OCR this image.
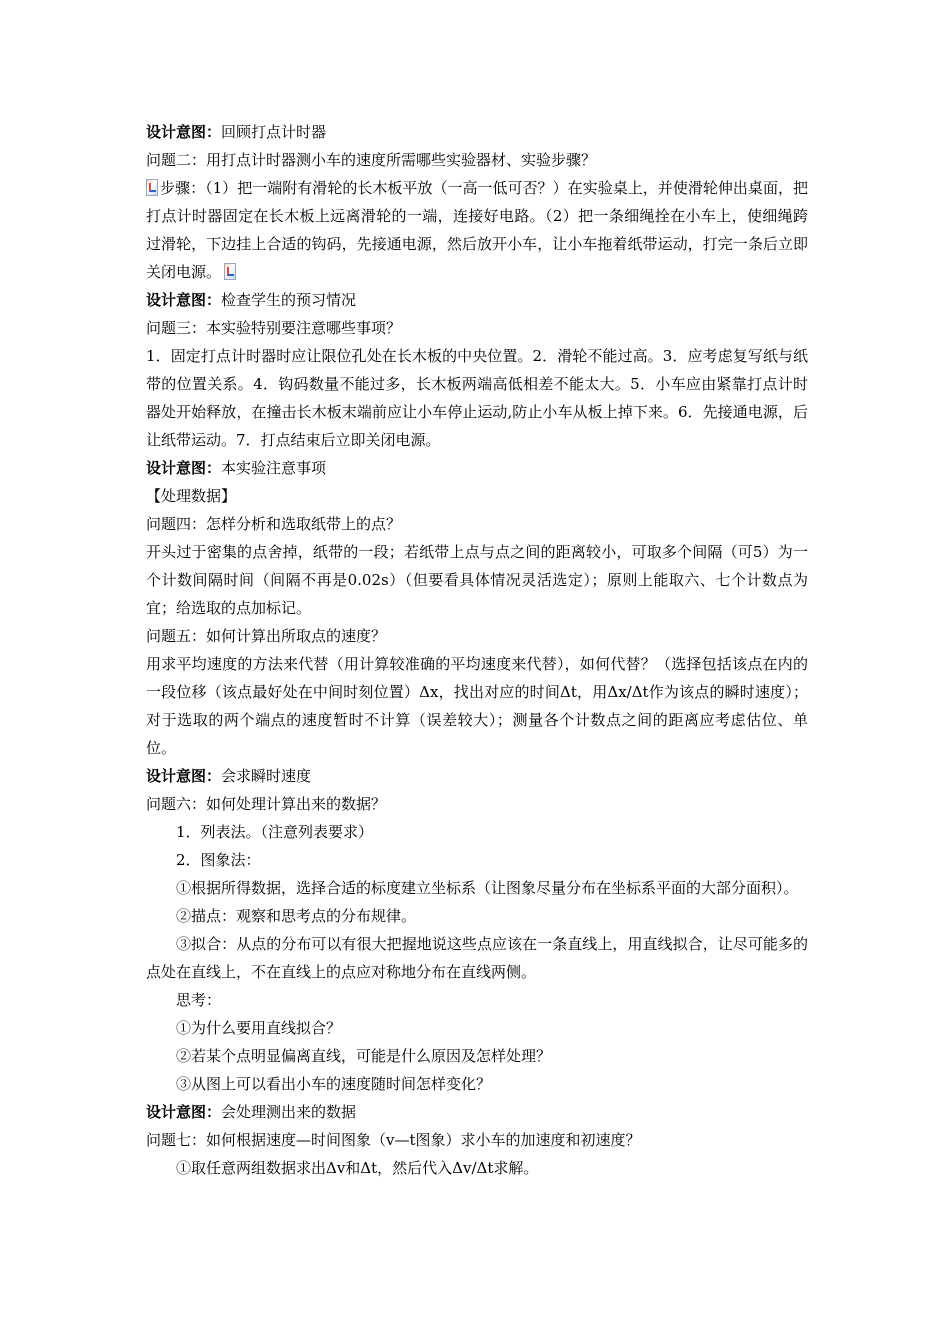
设计意图：回顾打点计时器

问题二：用打点计时器测小车的速度所需哪些实验器材、实验步骤？

步骤：（1）把一端附有滑轮的长木板平放（一高一低可否？）在实验桌上，并使滑轮伸出桌面，把打点计时器固定在长木板上远离滑轮的一端，连接好电路。（2）把一条细绳拴在小车上，使细绳跨过滑轮，下边挂上合适的钩码，先接通电源，然后放开小车，让小车拖着纸带运动，打完一条后立即关闭电源。

设计意图：检查学生的预习情况

问题三：本实验特别要注意哪些事项？

1．固定打点计时器时应让限位孔处在长木板的中央位置。2．滑轮不能过高。3．应考虑复写纸与纸带的位置关系。4．钩码数量不能过多，长木板两端高低相差不能太大。5．小车应由紧靠打点计时器处开始释放，在撞击长木板末端前应让小车停止运动,防止小车从板上掉下来。6．先接通电源，后让纸带运动。7．打点结束后立即关闭电源。

设计意图：本实验注意事项

【处理数据】

问题四：怎样分析和选取纸带上的点？

开头过于密集的点舍掉，纸带的一段；若纸带上点与点之间的距离较小，可取多个间隔（可5）为一个计数间隔时间（间隔不再是0.02s）（但要看具体情况灵活选定）；原则上能取六、七个计数点为宜；给选取的点加标记。

问题五：如何计算出所取点的速度？

用求平均速度的方法来代替（用计算较准确的平均速度来代替），如何代替？（选择包括该点在内的一段位移（该点最好处在中间时刻位置）Δx，找出对应的时间Δt，用Δx/Δt作为该点的瞬时速度）；对于选取的两个端点的速度暂时不计算（误差较大）；测量各个计数点之间的距离应考虑估位、单位。

设计意图：会求瞬时速度

问题六：如何处理计算出来的数据？

1．列表法。（注意列表要求）

2．图象法：

①根据所得数据，选择合适的标度建立坐标系（让图象尽量分布在坐标系平面的大部分面积）。

②描点：观察和思考点的分布规律。

③拟合：从点的分布可以有很大把握地说这些点应该在一条直线上，用直线拟合，让尽可能多的点处在直线上，不在直线上的点应对称地分布在直线两侧。

思考：

①为什么要用直线拟合？

②若某个点明显偏离直线，可能是什么原因及怎样处理？

③从图上可以看出小车的速度随时间怎样变化？

设计意图：会处理测出来的数据

问题七：如何根据速度—时间图象（v—t图象）求小车的加速度和初速度？

①取任意两组数据求出Δv和Δt，然后代入Δv/Δt求解。
